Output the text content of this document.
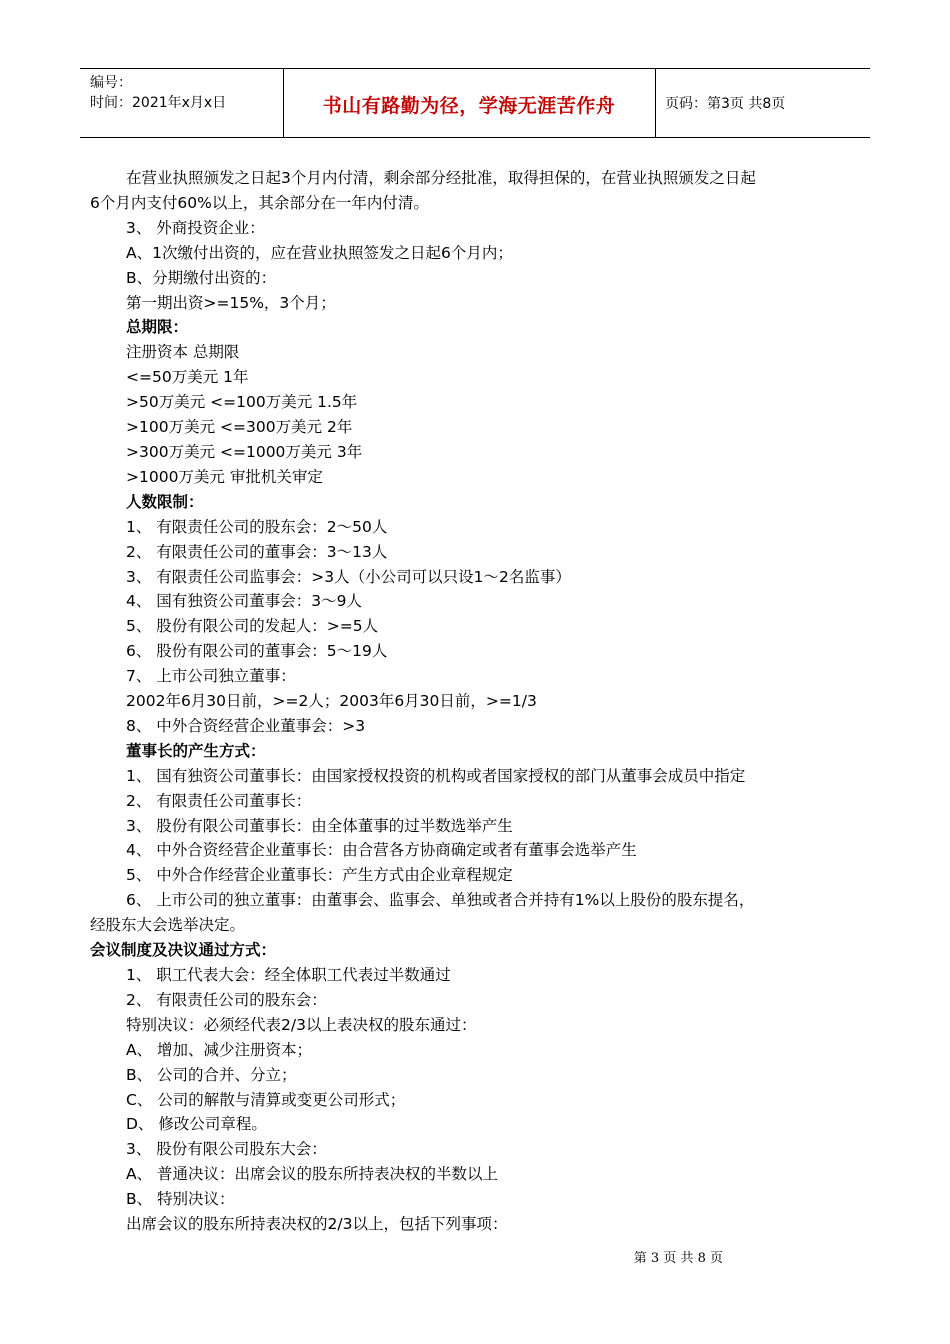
编号：
时间：2021年x月x日	书山有路勤为径，学海无涯苦作舟	页码：第3页 共8页
在营业执照颁发之日起3个月内付清，剩余部分经批准，取得担保的，在营业执照颁发之日起
6个月内支付60%以上，其余部分在一年内付清。
3、 外商投资企业：
A、1次缴付出资的，应在营业执照签发之日起6个月内；
B、分期缴付出资的：
第一期出资>=15%，3个月；
总期限：
注册资本 总期限
<=50万美元 1年
>50万美元 <=100万美元 1.5年
>100万美元 <=300万美元 2年
>300万美元 <=1000万美元 3年
>1000万美元 审批机关审定
人数限制：
1、 有限责任公司的股东会：2～50人
2、 有限责任公司的董事会：3～13人
3、 有限责任公司监事会：>3人（小公司可以只设1～2名监事）
4、 国有独资公司董事会：3～9人
5、 股份有限公司的发起人：>=5人
6、 股份有限公司的董事会：5～19人
7、 上市公司独立董事：
2002年6月30日前，>=2人；2003年6月30日前，>=1/3
8、 中外合资经营企业董事会：>3
董事长的产生方式：
1、 国有独资公司董事长：由国家授权投资的机构或者国家授权的部门从董事会成员中指定
2、 有限责任公司董事长：
3、 股份有限公司董事长：由全体董事的过半数选举产生
4、 中外合资经营企业董事长：由合营各方协商确定或者有董事会选举产生
5、 中外合作经营企业董事长：产生方式由企业章程规定
6、 上市公司的独立董事：由董事会、监事会、单独或者合并持有1%以上股份的股东提名，
经股东大会选举决定。
会议制度及决议通过方式：
1、 职工代表大会：经全体职工代表过半数通过
2、 有限责任公司的股东会：
特别决议：必须经代表2/3以上表决权的股东通过：
A、 增加、减少注册资本；
B、 公司的合并、分立；
C、 公司的解散与清算或变更公司形式；
D、 修改公司章程。
3、 股份有限公司股东大会：
A、 普通决议：出席会议的股东所持表决权的半数以上
B、 特别决议：
出席会议的股东所持表决权的2/3以上，包括下列事项：
第 3 页 共 8 页
